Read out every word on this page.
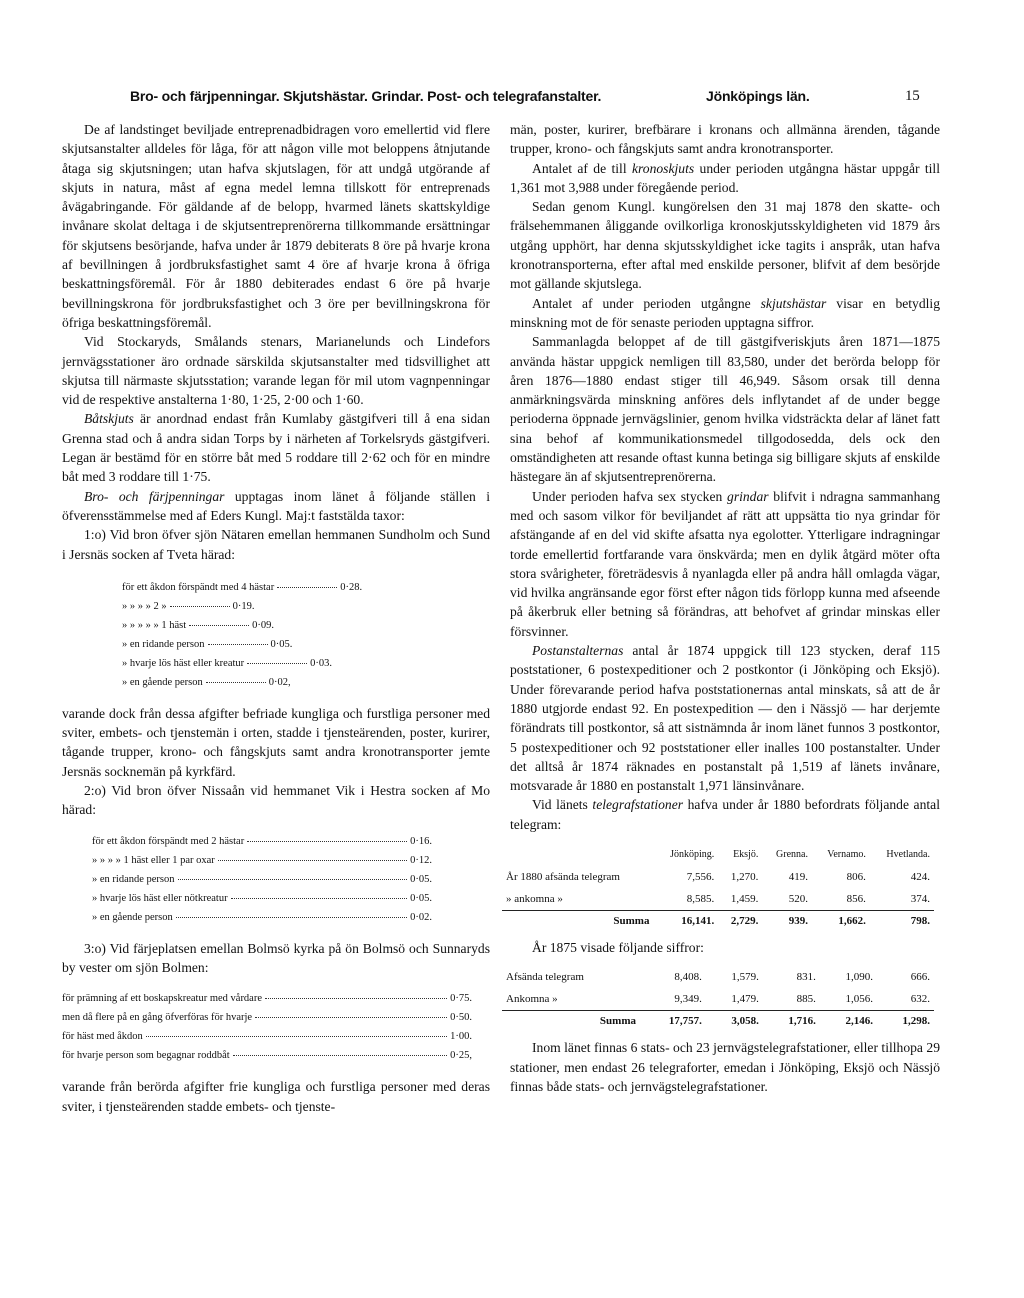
Bro- och färjpenningar. Skjutshästar. Grindar. Post- och telegrafanstalter.	Jönköpings län.	15

De af landstinget beviljade entreprenadbidragen voro emellertid vid flere skjutsanstalter alldeles för låga, för att någon ville mot beloppens åtnjutande åtaga sig skjutsningen; utan hafva skjutslagen, för att undgå utgörande af skjuts in natura, måst af egna medel lemna tillskott för entreprenads åvägabringande. För gäldande af de belopp, hvarmed länets skattskyldige invånare skolat deltaga i de skjutsentreprenörerna tillkommande ersättningar för skjutsens besörjande, hafva under år 1879 debiterats 8 öre på hvarje krona af bevillningen å jordbruksfastighet samt 4 öre af hvarje krona å öfriga beskattningsföremål. För år 1880 debiterades endast 6 öre på hvarje bevillningskrona för jordbruksfastighet och 3 öre per bevillningskrona för öfriga beskattningsföremål.

Vid Stockaryds, Smålands stenars, Marianelunds och Lindefors jernvägsstationer äro ordnade särskilda skjutsanstalter med tidsvillighet att skjutsa till närmaste skjutsstation; varande legan för mil utom vagnpenningar vid de respektive anstalterna 1·80, 1·25, 2·00 och 1·60.

Båtskjuts är anordnad endast från Kumlaby gästgifveri till å ena sidan Grenna stad och å andra sidan Torps by i närheten af Torkelsryds gästgifveri. Legan är bestämd för en större båt med 5 roddare till 2·62 och för en mindre båt med 3 roddare till 1·75.

Bro- och färjpenningar upptagas inom länet å följande ställen i öfverensstämmelse med af Eders Kungl. Maj:t faststälda taxor:

1:o) Vid bron öfver sjön Nätaren emellan hemmanen Sundholm och Sund i Jersnäs socken af Tveta härad:

för ett åkdon förspändt med 4 hästar	0·28.
» » » » 2 »	0·19.
» » » » » 1 häst	0·09.
» en ridande person	0·05.
» hvarje lös häst eller kreatur	0·03.
» en gående person	0·02,

varande dock från dessa afgifter befriade kungliga och furstliga personer med sviter, embets- och tjenstemän i orten, stadde i tjensteärenden, poster, kurirer, tågande trupper, krono- och fångskjuts samt andra kronotransporter jemte Jersnäs socknemän på kyrkfärd.

2:o) Vid bron öfver Nissaån vid hemmanet Vik i Hestra socken af Mo härad:

för ett åkdon förspändt med 2 hästar	0·16.
» » » » 1 häst eller 1 par oxar	0·12.
» en ridande person	0·05.
» hvarje lös häst eller nötkreatur	0·05.
» en gående person	0·02.

3:o) Vid färjeplatsen emellan Bolmsö kyrka på ön Bolmsö och Sunnaryds by vester om sjön Bolmen:

för prämning af ett boskapskreatur med vårdare	0·75.
men då flere på en gång öfverföras för hvarje	0·50.
för häst med åkdon	1·00.
för hvarje person som begagnar roddbåt	0·25,

varande från berörda afgifter frie kungliga och furstliga personer med deras sviter, i tjensteärenden stadde embets- och tjenste-

män, poster, kurirer, brefbärare i kronans och allmänna ärenden, tågande trupper, krono- och fångskjuts samt andra kronotransporter.

Antalet af de till kronoskjuts under perioden utgångna hästar uppgår till 1,361 mot 3,988 under föregående period.

Sedan genom Kungl. kungörelsen den 31 maj 1878 den skatte- och frälsehemmanen åliggande ovilkorliga kronoskjutsskyldigheten vid 1879 års utgång upphört, har denna skjutsskyldighet icke tagits i anspråk, utan hafva kronotransporterna, efter aftal med enskilde personer, blifvit af dem besörjde mot gällande skjutslega.

Antalet af under perioden utgångne skjutshästar visar en betydlig minskning mot de för senaste perioden upptagna siffror.

Sammanlagda beloppet af de till gästgifveriskjuts åren 1871—1875 använda hästar uppgick nemligen till 83,580, under det berörda belopp för åren 1876—1880 endast stiger till 46,949. Såsom orsak till denna anmärkningsvärda minskning anföres dels inflytandet af de under begge perioderna öppnade jernvägslinier, genom hvilka vidsträckta delar af länet fatt sina behof af kommunikationsmedel tillgodosedda, dels ock den omständigheten att resande oftast kunna betinga sig billigare skjuts af enskilde hästegare än af skjutsentreprenörerna.

Under perioden hafva sex stycken grindar blifvit i ndragna sammanhang med och sasom vilkor för beviljandet af rätt att uppsätta tio nya grindar för afstängande af en del vid skifte afsatta nya egolotter. Ytterligare indragningar torde emellertid fortfarande vara önskvärda; men en dylik åtgärd möter ofta stora svårigheter, företrädesvis å nyanlagda eller på andra håll omlagda vägar, vid hvilka angränsande egor först efter någon tids förlopp kunna med afseende på åkerbruk eller betning så förändras, att behofvet af grindar minskas eller försvinner.

Postanstalternas antal år 1874 uppgick till 123 stycken, deraf 115 poststationer, 6 postexpeditioner och 2 postkontor (i Jönköping och Eksjö). Under förevarande period hafva poststationernas antal minskats, så att de år 1880 utgjorde endast 92. En postexpedition — den i Nässjö — har derjemte förändrats till postkontor, så att sistnämnda år inom länet funnos 3 postkontor, 5 postexpeditioner och 92 poststationer eller inalles 100 postanstalter. Under det alltså år 1874 räknades en postanstalt på 1,519 af länets invånare, motsvarade år 1880 en postanstalt 1,971 länsinvånare.

Vid länets telegrafstationer hafva under år 1880 befordrats följande antal telegram:

	Jönköping.	Eksjö.	Grenna.	Vernamo.	Hvetlanda.
År 1880 afsända telegram	7,556.	1,270.	419.	806.	424.
» ankomna »	8,585.	1,459.	520.	856.	374.
Summa	16,141.	2,729.	939.	1,662.	798.

År 1875 visade följande siffror:

Afsända telegram	8,408.	1,579.	831.	1,090.	666.
Ankomna »	9,349.	1,479.	885.	1,056.	632.
Summa	17,757.	3,058.	1,716.	2,146.	1,298.

Inom länet finnas 6 stats- och 23 jernvägstelegrafstationer, eller tillhopa 29 stationer, men endast 26 telegraforter, emedan i Jönköping, Eksjö och Nässjö finnas både stats- och jernvägstelegrafstationer.
